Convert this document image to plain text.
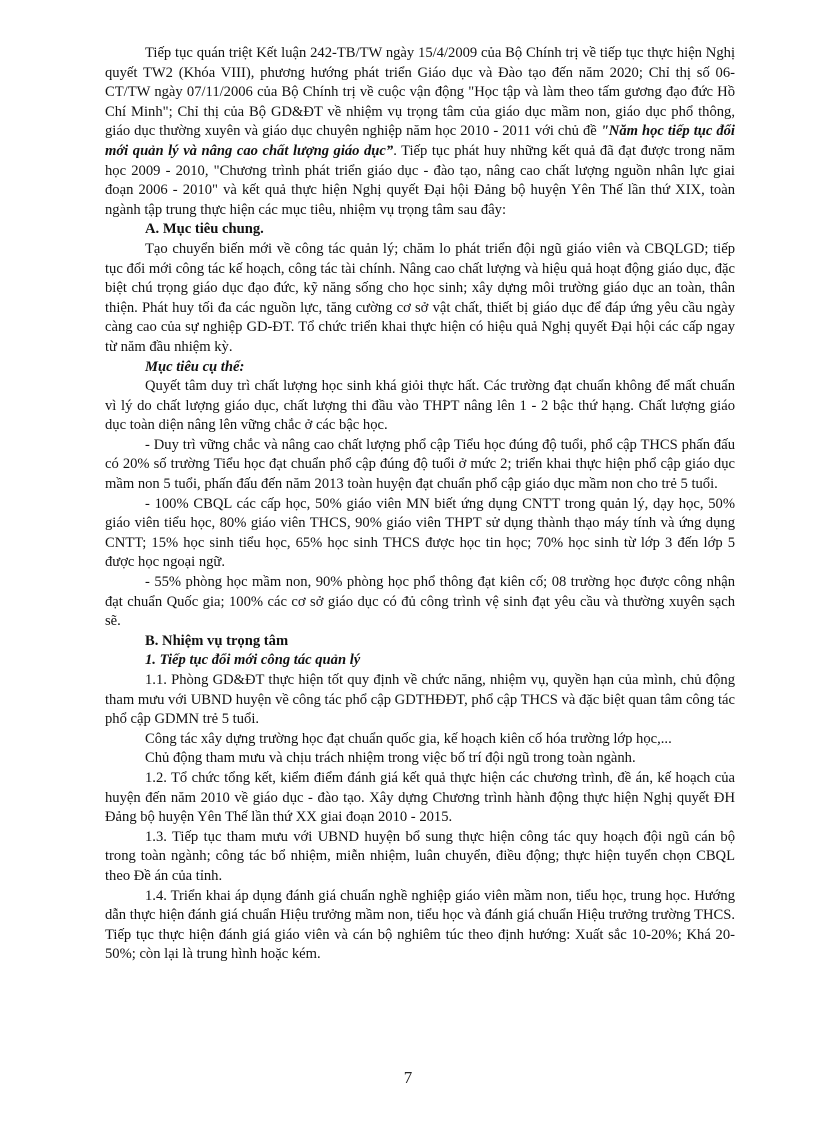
Tiếp tục quán triệt Kết luận 242-TB/TW ngày 15/4/2009 của Bộ Chính trị về tiếp tục thực hiện Nghị quyết TW2 (Khóa VIII), phương hướng phát triển Giáo dục và Đào tạo đến năm 2020; Chỉ thị số 06-CT/TW ngày 07/11/2006 của Bộ Chính trị về cuộc vận động "Học tập và làm theo tấm gương đạo đức Hồ Chí Minh"; Chỉ thị của Bộ GD&ĐT về nhiệm vụ trọng tâm của giáo dục mầm non, giáo dục phổ thông, giáo dục thường xuyên và giáo dục chuyên nghiệp năm học 2010 - 2011 với chủ đề "Năm học tiếp tục đổi mới quản lý và nâng cao chất lượng giáo dục”. Tiếp tục phát huy những kết quả đã đạt được trong năm học 2009 - 2010, "Chương trình phát triển giáo dục - đào tạo, nâng cao chất lượng nguồn nhân lực giai đoạn 2006 - 2010" và kết quả thực hiện Nghị quyết Đại hội Đảng bộ huyện Yên Thế lần thứ XIX, toàn ngành tập trung thực hiện các mục tiêu, nhiệm vụ trọng tâm sau đây:

A. Mục tiêu chung.

Tạo chuyển biến mới về công tác quản lý; chăm lo phát triển đội ngũ giáo viên và CBQLGD; tiếp tục đổi mới công tác kế hoạch, công tác tài chính. Nâng cao chất lượng và hiệu quả hoạt động giáo dục, đặc biệt chú trọng giáo dục đạo đức, kỹ năng sống cho học sinh; xây dựng môi trường giáo dục an toàn, thân thiện. Phát huy tối đa các nguồn lực, tăng cường cơ sở vật chất, thiết bị giáo dục để đáp ứng yêu cầu ngày càng cao của sự nghiệp GD-ĐT. Tổ chức triển khai thực hiện có hiệu quả Nghị quyết Đại hội các cấp ngay từ năm đầu nhiệm kỳ.

Mục tiêu cụ thể:

Quyết tâm duy trì chất lượng học sinh khá giỏi thực hất. Các trường đạt chuẩn không để mất chuẩn vì lý do chất lượng giáo dục, chất lượng thi đầu vào THPT nâng lên 1 - 2 bậc thứ hạng. Chất lượng giáo dục toàn diện nâng lên vững chắc ở các bậc học.

- Duy trì vững chắc và nâng cao chất lượng phổ cập Tiểu học đúng độ tuổi, phổ cập THCS phấn đấu có 20% số trường Tiểu học đạt chuẩn phổ cập đúng độ tuổi ở mức 2; triển khai thực hiện phổ cập giáo dục mầm non 5 tuổi, phấn đấu đến năm 2013 toàn huyện đạt chuẩn phổ cập giáo dục mầm non cho trẻ 5 tuổi.

- 100% CBQL các cấp học, 50% giáo viên MN biết ứng dụng CNTT trong quản lý, dạy học, 50% giáo viên tiểu học, 80% giáo viên THCS, 90% giáo viên THPT sử dụng thành thạo máy tính và ứng dụng CNTT; 15% học sinh tiểu học, 65% học sinh THCS được học tin học; 70% học sinh từ lớp 3 đến lớp 5 được học ngoại ngữ.

- 55% phòng học mầm non, 90% phòng học phổ thông đạt kiên cố; 08 trường học được công nhận đạt chuẩn Quốc gia; 100% các cơ sở giáo dục có đủ công trình vệ sinh đạt yêu cầu và thường xuyên sạch sẽ.

B. Nhiệm vụ trọng tâm

1. Tiếp tục đổi mới công tác quản lý

1.1. Phòng GD&ĐT thực hiện tốt quy định về chức năng, nhiệm vụ, quyền hạn của mình, chủ động tham mưu với UBND huyện về công tác phổ cập GDTHĐĐT, phổ cập THCS và đặc biệt quan tâm công tác phổ cập GDMN trẻ 5 tuổi.

Công tác xây dựng trường học đạt chuẩn quốc gia, kế hoạch kiên cố hóa trường lớp học,...

Chủ động tham mưu và chịu trách nhiệm trong việc bố trí đội ngũ trong toàn ngành.

1.2. Tổ chức tổng kết, kiểm điểm đánh giá kết quả thực hiện các chương trình, đề án, kế hoạch của huyện đến năm 2010 về giáo dục - đào tạo. Xây dựng Chương trình hành động thực hiện Nghị quyết ĐH Đảng bộ huyện Yên Thế lần thứ XX giai đoạn 2010 - 2015.

1.3. Tiếp tục tham mưu với UBND huyện bổ sung thực hiện công tác quy hoạch đội ngũ cán bộ trong toàn ngành; công tác bổ nhiệm, miễn nhiệm, luân chuyển, điều động; thực hiện tuyển chọn CBQL theo Đề án của tỉnh.

1.4. Triển khai áp dụng đánh giá chuẩn nghề nghiệp giáo viên mầm non, tiểu học, trung học. Hướng dẫn thực hiện đánh giá chuẩn Hiệu trưởng mầm non, tiểu học và đánh giá chuẩn Hiệu trưởng trường THCS. Tiếp tục thực hiện đánh giá giáo viên và cán bộ nghiêm túc theo định hướng: Xuất sắc 10-20%; Khá 20-50%; còn lại là trung hình hoặc kém.

7
